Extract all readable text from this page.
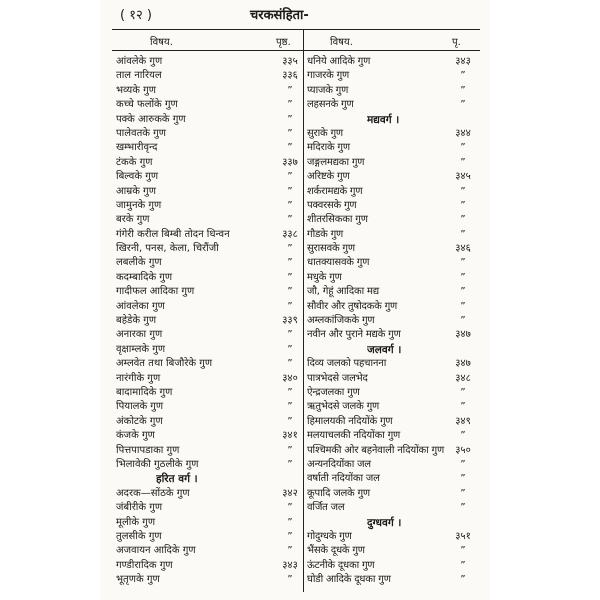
( १२ )	चरकसंहिता-
विषय.	पृष्ठ.	विषय.	पृ.
आंवलेके गुण	३३५
ताल नारियल	३३६
भव्यके गुण	”
कच्चे फलोंके गुण	”
पक्के आरुकके गुण	”
पालेवतके गुण	”
खम्भारीवृन्द	”
टंकके गुण	३३७
बिल्वके गुण	”
आम्रके गुण	”
जामुनके गुण	”
बरके गुण	”
गंगेरी करील बिम्बी तोदन धिन्वन	३३८
खिरनी, पनस, केला, चिरौंजी	”
लबलीके गुण	”
कदम्बादिके गुण	”
गादीफल आदिका गुण	”
आंवलेका गुण	”
बहेडेके गुण	३३९
अनारका गुण	”
वृक्षाम्लके गुण	”
अम्लवेत तथा बिजौरेके गुण	”
नारंगीके गुण	३४०
बादामादिके गुण	”
पियालके गुण	”
अंकोटके गुण	”
कंजके गुण	३४१
पित्तपापडाका गुण	”
भिलावेकी गुठलीके गुण	”
हरित वर्ग ।
अदरक—सोंठके गुण	३४२
जंबीरीके गुण	”
मूलीके गुण	”
तुलसीके गुण	”
अजवायन आदिके गुण	”
गण्डीरादिक गुण	३४३
भूतृणके गुण	”
धनिये आदिके गुण	३४३
गाजरके गुण	”
प्याजके गुण	”
लहसनके गुण	”
मद्यवर्ग ।
सुराके गुण	३४४
मदिराके गुण	”
जङ्गलमद्यका गुण	”
अरिष्टके गुण	३४५
शर्करामद्यके गुण	”
पक्वरसके गुण	”
शीतरसिकका गुण	”
गौडके गुण	”
सुरासवके गुण	३४६
धातक्यासवके गुण	”
मधुके गुण	”
जौ, गेहूं आदिका मद्य	”
सौवीर और तुषोदकके गुण	”
अम्लकांजिकके गुण	”
नवीन और पुराने मद्यके गुण	३४७
जलवर्ग ।
दिव्य जलको पहचानना	३४७
पात्रभेदसे जलभेद	३४८
ऐन्द्रजलका गुण	”
ऋतुभेदसे जलके गुण	”
हिमालयकी नदियोंके गुण	३४९
मलयाचलकी नदियोंका गुण	”
पश्चिमकी ओर बहनेवाली नदियोंका गुण	३५०
अन्यनदियोंका जल	”
वर्षाती नदियोंका जल	”
कूपादि जलके गुण	”
वर्जित जल	”
दुग्धवर्ग ।
गोदुग्धके गुण	३५१
भैंसके दूधके गुण	”
ऊंटनीके दूधका गुण	”
घोडी आदिके दूधका गुण	”
